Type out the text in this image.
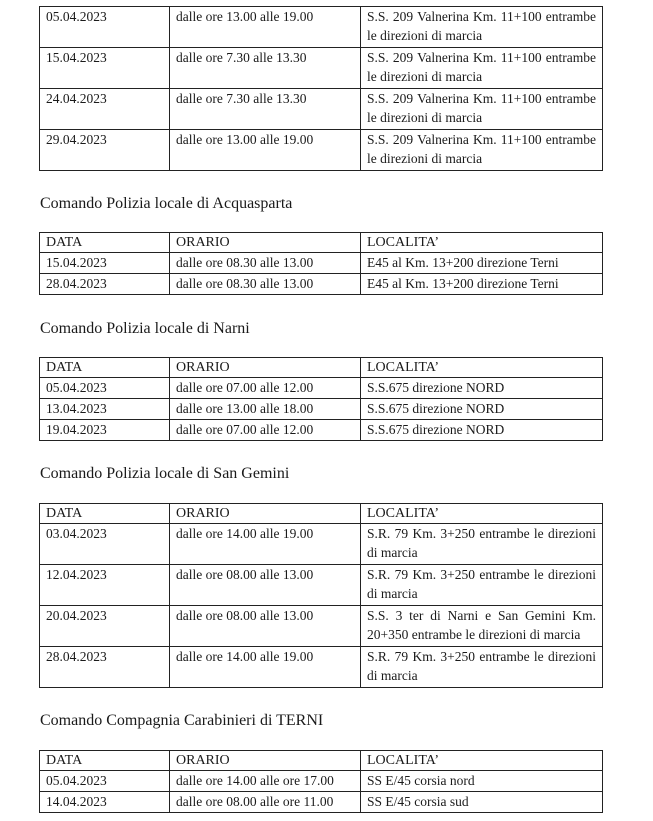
05.04.2023	dalle ore 13.00 alle 19.00	S.S. 209 Valnerina Km. 11+100 entrambe le direzioni di marcia
15.04.2023	dalle ore 7.30 alle 13.30	S.S. 209 Valnerina Km. 11+100 entrambe le direzioni di marcia
24.04.2023	dalle ore 7.30 alle 13.30	S.S. 209 Valnerina Km. 11+100 entrambe le direzioni di marcia
29.04.2023	dalle ore 13.00 alle 19.00	S.S. 209 Valnerina Km. 11+100 entrambe le direzioni di marcia
Comando Polizia locale di Acquasparta
DATA	ORARIO	LOCALITA’
15.04.2023	dalle ore 08.30 alle 13.00	E45 al Km. 13+200 direzione Terni
28.04.2023	dalle ore 08.30 alle 13.00	E45 al Km. 13+200 direzione Terni
Comando Polizia locale di Narni
DATA	ORARIO	LOCALITA’
05.04.2023	dalle ore 07.00 alle 12.00	S.S.675 direzione NORD
13.04.2023	dalle ore 13.00 alle 18.00	S.S.675 direzione NORD
19.04.2023	dalle ore 07.00 alle 12.00	S.S.675 direzione NORD
Comando Polizia locale di San Gemini
DATA	ORARIO	LOCALITA’
03.04.2023	dalle ore 14.00 alle 19.00	S.R. 79 Km. 3+250 entrambe le direzioni di marcia
12.04.2023	dalle ore 08.00 alle 13.00	S.R. 79 Km. 3+250 entrambe le direzioni di marcia
20.04.2023	dalle ore 08.00 alle 13.00	S.S. 3 ter di Narni e San Gemini Km. 20+350 entrambe le direzioni di marcia
28.04.2023	dalle ore 14.00 alle 19.00	S.R. 79 Km. 3+250 entrambe le direzioni di marcia
Comando Compagnia Carabinieri di TERNI
DATA	ORARIO	LOCALITA’
05.04.2023	dalle ore 14.00 alle ore 17.00	SS E/45 corsia nord
14.04.2023	dalle ore 08.00 alle ore 11.00	SS E/45 corsia sud
